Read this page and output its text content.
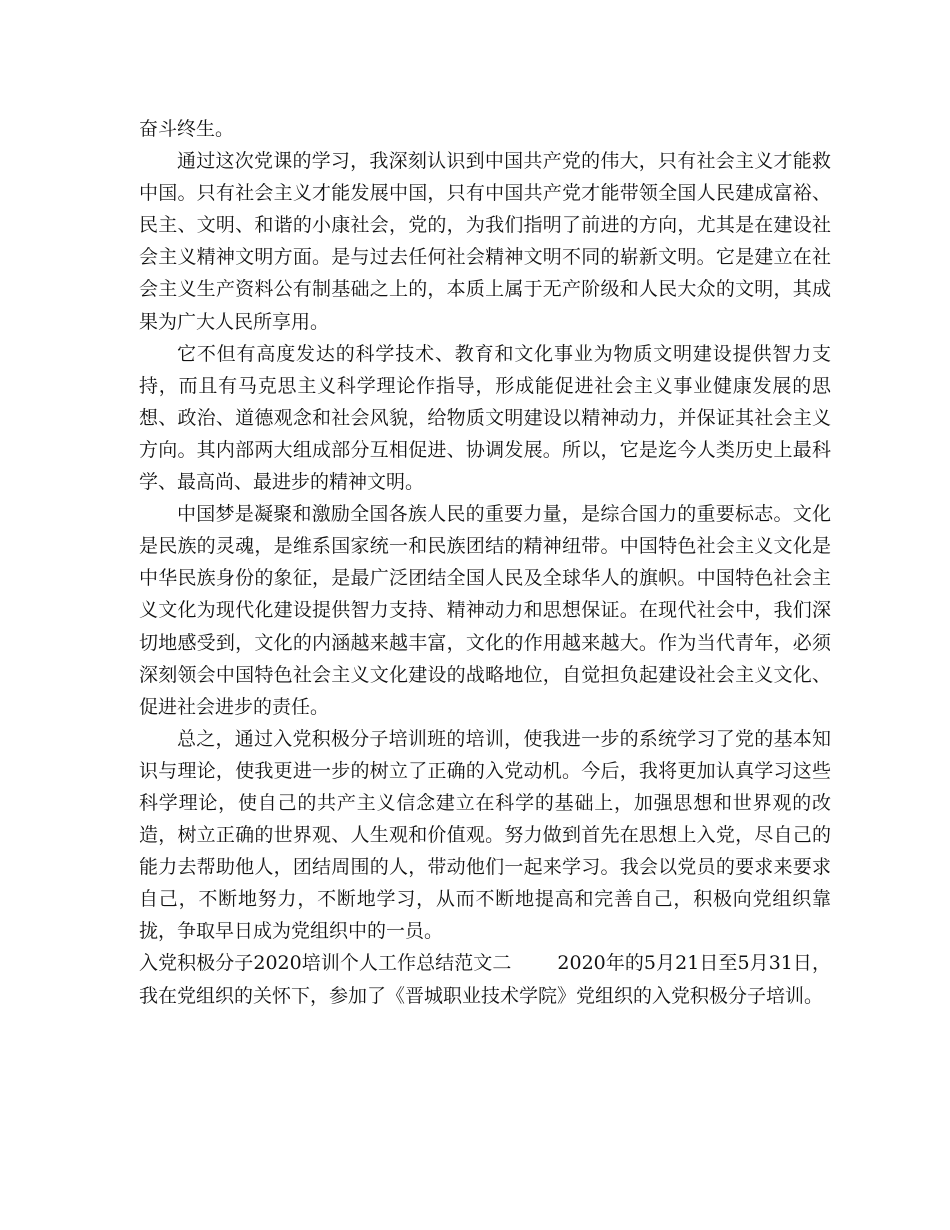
奋斗终生。

通过这次党课的学习，我深刻认识到中国共产党的伟大，只有社会主义才能救中国。只有社会主义才能发展中国，只有中国共产党才能带领全国人民建成富裕、民主、文明、和谐的小康社会，党的，为我们指明了前进的方向，尤其是在建设社会主义精神文明方面。是与过去任何社会精神文明不同的崭新文明。它是建立在社会主义生产资料公有制基础之上的，本质上属于无产阶级和人民大众的文明，其成果为广大人民所享用。

它不但有高度发达的科学技术、教育和文化事业为物质文明建设提供智力支持，而且有马克思主义科学理论作指导，形成能促进社会主义事业健康发展的思想、政治、道德观念和社会风貌，给物质文明建设以精神动力，并保证其社会主义方向。其内部两大组成部分互相促进、协调发展。所以，它是迄今人类历史上最科学、最高尚、最进步的精神文明。

中国梦是凝聚和激励全国各族人民的重要力量，是综合国力的重要标志。文化是民族的灵魂，是维系国家统一和民族团结的精神纽带。中国特色社会主义文化是中华民族身份的象征，是最广泛团结全国人民及全球华人的旗帜。中国特色社会主义文化为现代化建设提供智力支持、精神动力和思想保证。在现代社会中，我们深切地感受到，文化的内涵越来越丰富，文化的作用越来越大。作为当代青年，必须深刻领会中国特色社会主义文化建设的战略地位，自觉担负起建设社会主义文化、促进社会进步的责任。

总之，通过入党积极分子培训班的培训，使我进一步的系统学习了党的基本知识与理论，使我更进一步的树立了正确的入党动机。今后，我将更加认真学习这些科学理论，使自己的共产主义信念建立在科学的基础上，加强思想和世界观的改造，树立正确的世界观、人生观和价值观。努力做到首先在思想上入党，尽自己的能力去帮助他人，团结周围的人，带动他们一起来学习。我会以党员的要求来要求自己，不断地努力，不断地学习，从而不断地提高和完善自己，积极向党组织靠拢，争取早日成为党组织中的一员。

入党积极分子2020培训个人工作总结范文二 2020年的5月21日至5月31日，我在党组织的关怀下，参加了《晋城职业技术学院》党组织的入党积极分子培训。
